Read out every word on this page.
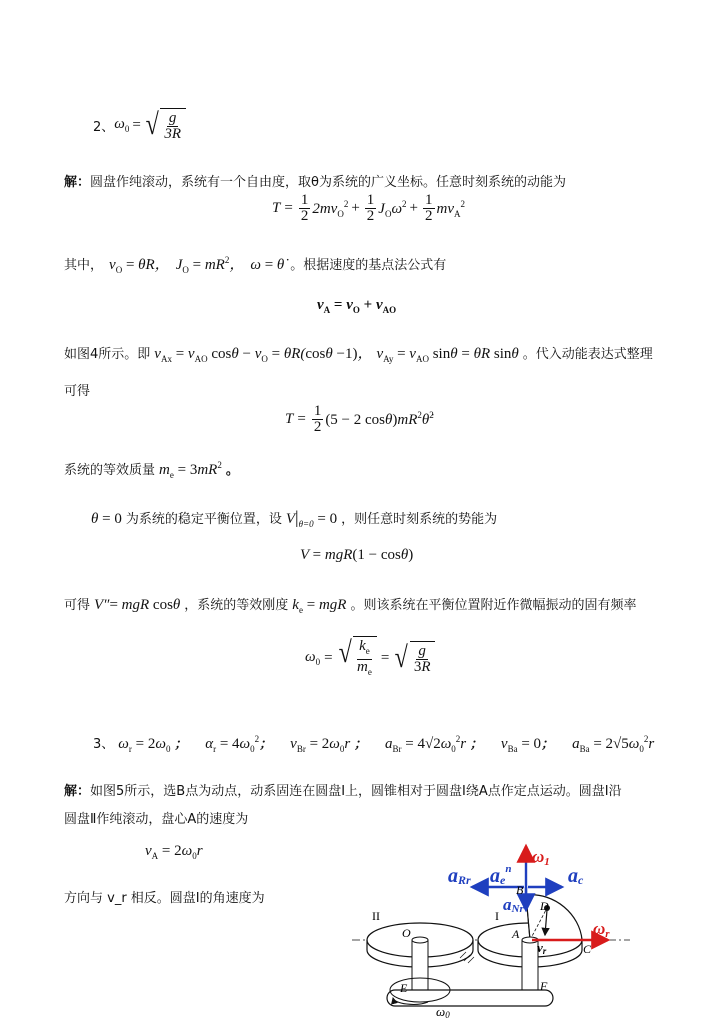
2、 $\omega_0$ = √ $\frac{g}{3R}$
解：圆盘作纯滚动，系统有一个自由度，取θ为系统的广义坐标。任意时刻系统的动能为
$T = \frac{1}{2} 2mv_O^2 + \frac{1}{2} J_O\omega^2 + \frac{1}{2} mv_A^2$
其中， $v_O$ = θ̇R， $J_O = mR^2$， ω = θ̇ 。根据速度的基点法公式有
$v_A = v_O + v_{AO}$
如图4所示。即 $v_{Ax} = v_{AO}$ $\cos\theta - v_O$ = θ̇R(cosθ −1)， $v_{Ay} = v_{AO}$ sinθ = θ̇R sinθ 。代入动能表达式整理
可得
$T = \frac{1}{2} (5 - 2$ $\cos\theta)mR^2\thetȧ^2$
系统的等效质量 $m_e = 3mR^2$ 。
θ = 0 为系统的稳定平衡位置，设 $V|_{\theta=0} = 0$ ，则任意时刻系统的势能为
V = mgR(1 − cosθ)
可得 V″= mgR cosθ ，系统的等效刚度 $k_e$ = mgR 。则该系统在平衡位置附近作微幅振动的固有频率
$\omega_0$ = √ $\frac{k_e}{m_e}$ = √ $\frac{g}{3R}$
3、 $\omega_r = 2\omega_0$ ； $\alpha_r = 4\omega_0^2$； $v_{Br} = 2\omega_0r$ ； $a_{Br} = 4√2\omega_0^2r$ ； $v_{Ba} = 0$； $a_{Ba} = 2√5\omega_0^2r$
解：如图5所示，选B点为动点，动系固连在圆盘Ⅰ上，圆锥相对于圆盘Ⅰ绕A点作定点运动。圆盘Ⅰ沿
圆盘Ⅱ作纯滚动，盘心A的速度为
$v_A = 2\omega_0r$
方向与 v_r 相反。圆盘Ⅰ的角速度为
aRr $ae^n$	ac
aNr
ω1
ωr
B
D
A
C
O
E	F
I
II
vr
ω0
